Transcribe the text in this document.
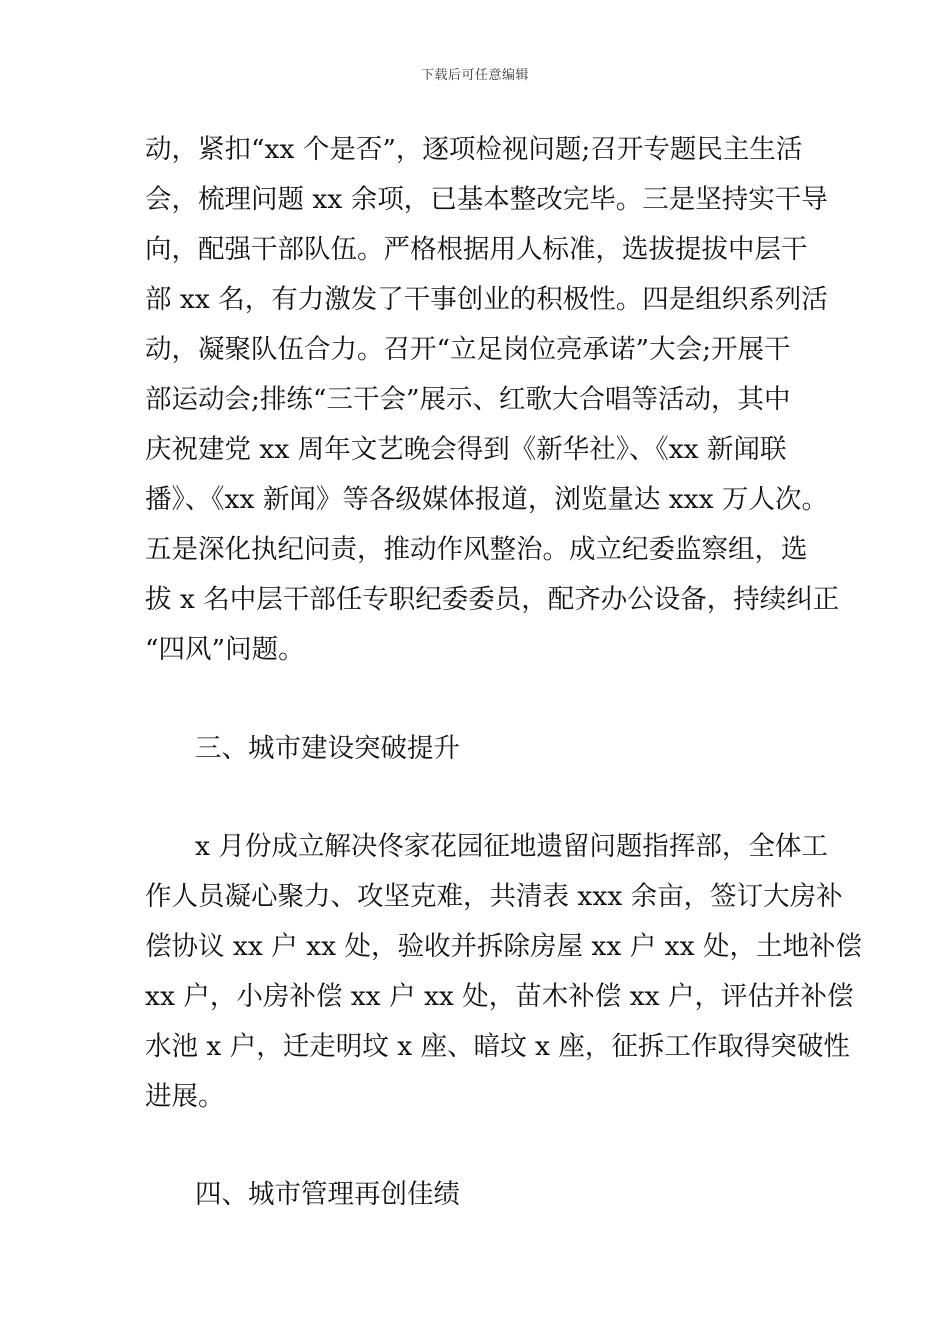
下载后可任意编辑
动，紧扣“xx 个是否”，逐项检视问题;召开专题民主生活
会，梳理问题 xx 余项，已基本整改完毕。三是坚持实干导
向，配强干部队伍。严格根据用人标准，选拔提拔中层干
部 xx 名，有力激发了干事创业的积极性。四是组织系列活
动，凝聚队伍合力。召开“立足岗位亮承诺”大会;开展干
部运动会;排练“三干会”展示、红歌大合唱等活动，其中
庆祝建党 xx 周年文艺晚会得到《新华社》、《xx 新闻联
播》、《xx 新闻》等各级媒体报道，浏览量达 xxx 万人次。
五是深化执纪问责，推动作风整治。成立纪委监察组，选
拔 x 名中层干部任专职纪委委员，配齐办公设备，持续纠正
“四风”问题。
三、城市建设突破提升
x 月份成立解决佟家花园征地遗留问题指挥部，全体工
作人员凝心聚力、攻坚克难，共清表 xxx 余亩，签订大房补
偿协议 xx 户 xx 处，验收并拆除房屋 xx 户 xx 处，土地补偿
xx 户，小房补偿 xx 户 xx 处，苗木补偿 xx 户，评估并补偿
水池 x 户，迁走明坟 x 座、暗坟 x 座，征拆工作取得突破性
进展。
四、城市管理再创佳绩
